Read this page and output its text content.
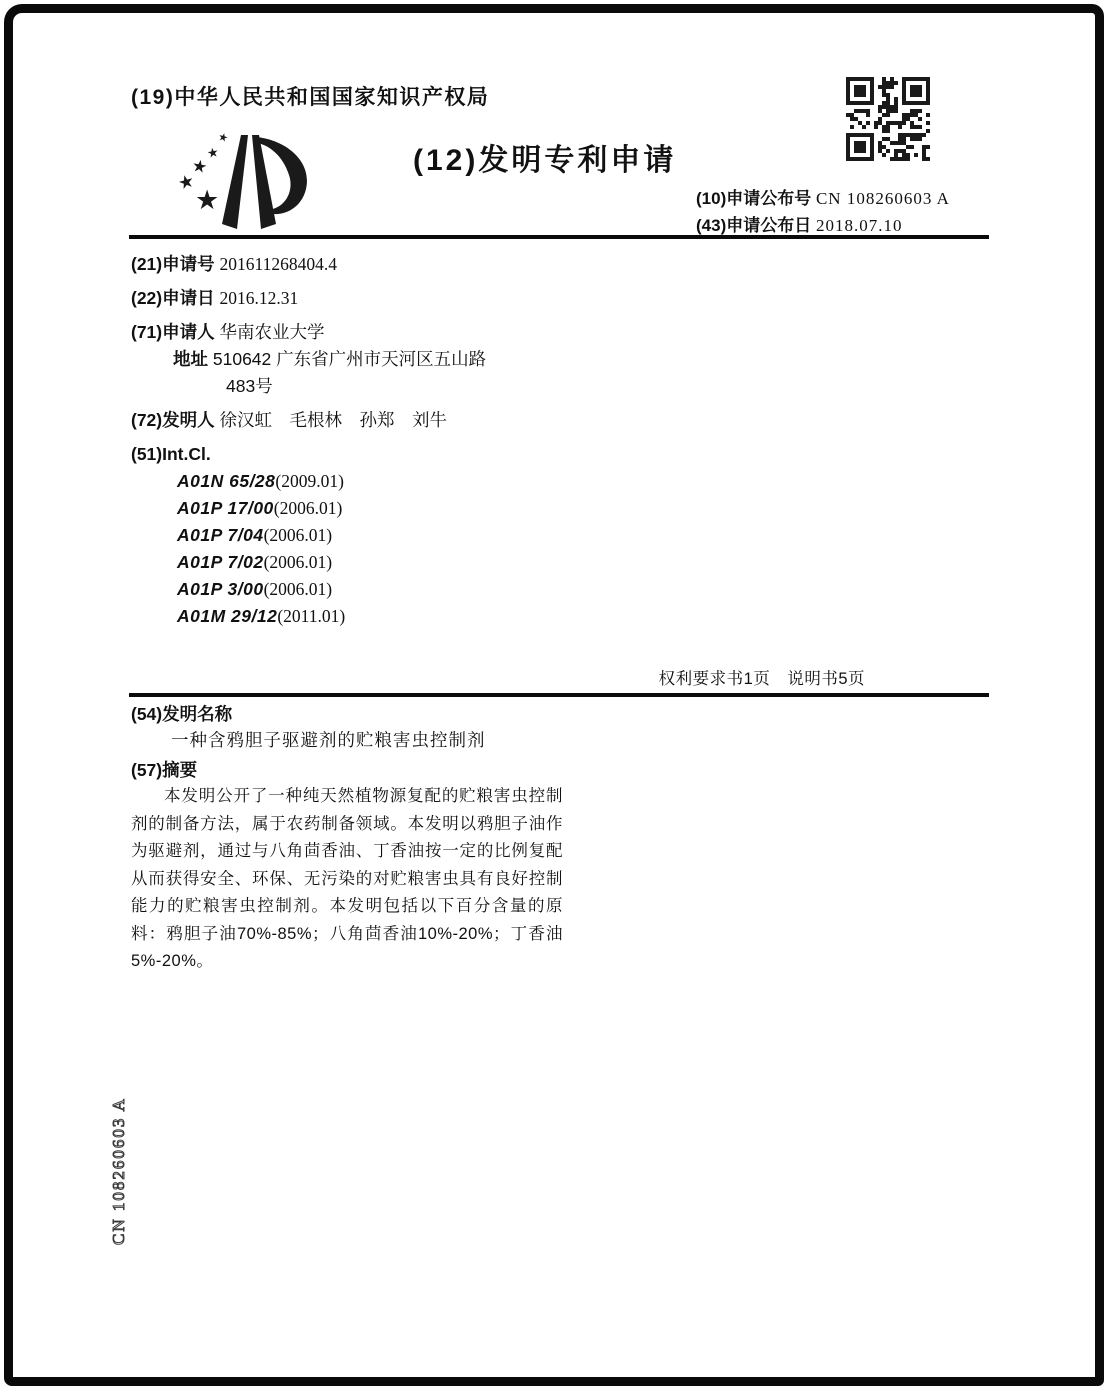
(19)中华人民共和国国家知识产权局
★
★
★
★
★
(12)发明专利申请
(10)申请公布号 CN 108260603 A
(43)申请公布日 2018.07.10
(21)申请号 201611268404.4
(22)申请日 2016.12.31
(71)申请人 华南农业大学
地址 510642 广东省广州市天河区五山路
483号
(72)发明人 徐汉虹　毛根林　孙郑　刘牛
(51)Int.Cl.
A01N 65/28(2009.01)
A01P 17/00(2006.01)
A01P 7/04(2006.01)
A01P 7/02(2006.01)
A01P 3/00(2006.01)
A01M 29/12(2011.01)
权利要求书1页　说明书5页
(54)发明名称
一种含鸦胆子驱避剂的贮粮害虫控制剂
(57)摘要
本发明公开了一种纯天然植物源复配的贮粮害虫控制剂的制备方法，属于农药制备领域。本发明以鸦胆子油作为驱避剂，通过与八角茴香油、丁香油按一定的比例复配从而获得安全、环保、无污染的对贮粮害虫具有良好控制能力的贮粮害虫控制剂。本发明包括以下百分含量的原料：鸦胆子油70%-85%；八角茴香油10%-20%；丁香油5%-20%。
CN 108260603 A
